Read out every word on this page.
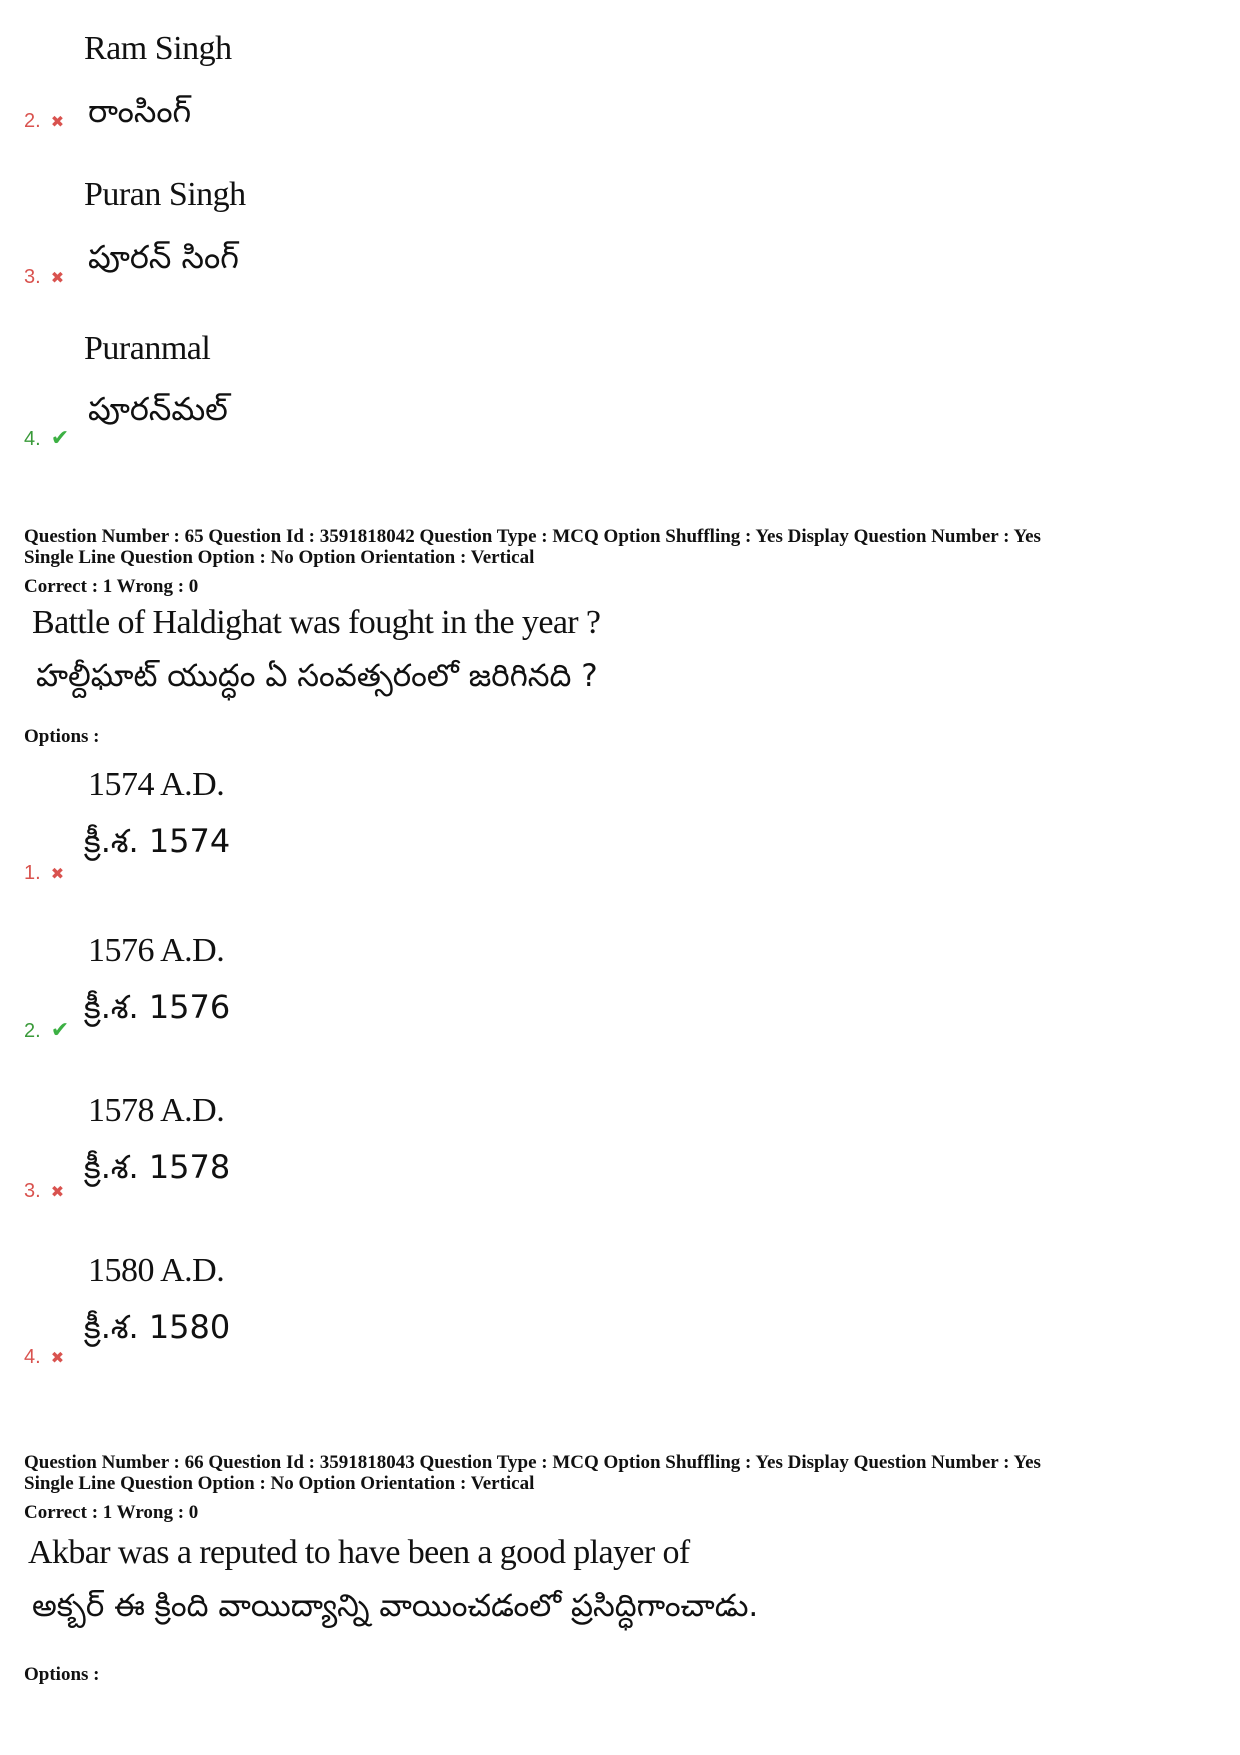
Ram Singh
రాంసింగ్
2. ✖
Puran Singh
పూరన్ సింగ్
3. ✖
Puranmal
పూరన్‌మల్
4. ✔
Question Number : 65 Question Id : 3591818042 Question Type : MCQ Option Shuffling : Yes Display Question Number : Yes
Single Line Question Option : No Option Orientation : Vertical
Correct : 1 Wrong : 0
Battle of Haldighat was fought in the year ?
హల్దీఘాట్ యుద్ధం ఏ సంవత్సరంలో జరిగినది ?
Options :
1574 A.D.
క్రీ.శ. 1574
1. ✖
1576 A.D.
క్రీ.శ. 1576
2. ✔
1578 A.D.
క్రీ.శ. 1578
3. ✖
1580 A.D.
క్రీ.శ. 1580
4. ✖
Question Number : 66 Question Id : 3591818043 Question Type : MCQ Option Shuffling : Yes Display Question Number : Yes
Single Line Question Option : No Option Orientation : Vertical
Correct : 1 Wrong : 0
Akbar was a reputed to have been a good player of
అక్బర్ ఈ క్రింది వాయిద్యాన్ని వాయించడంలో ప్రసిద్ధిగాంచాడు.
Options :
